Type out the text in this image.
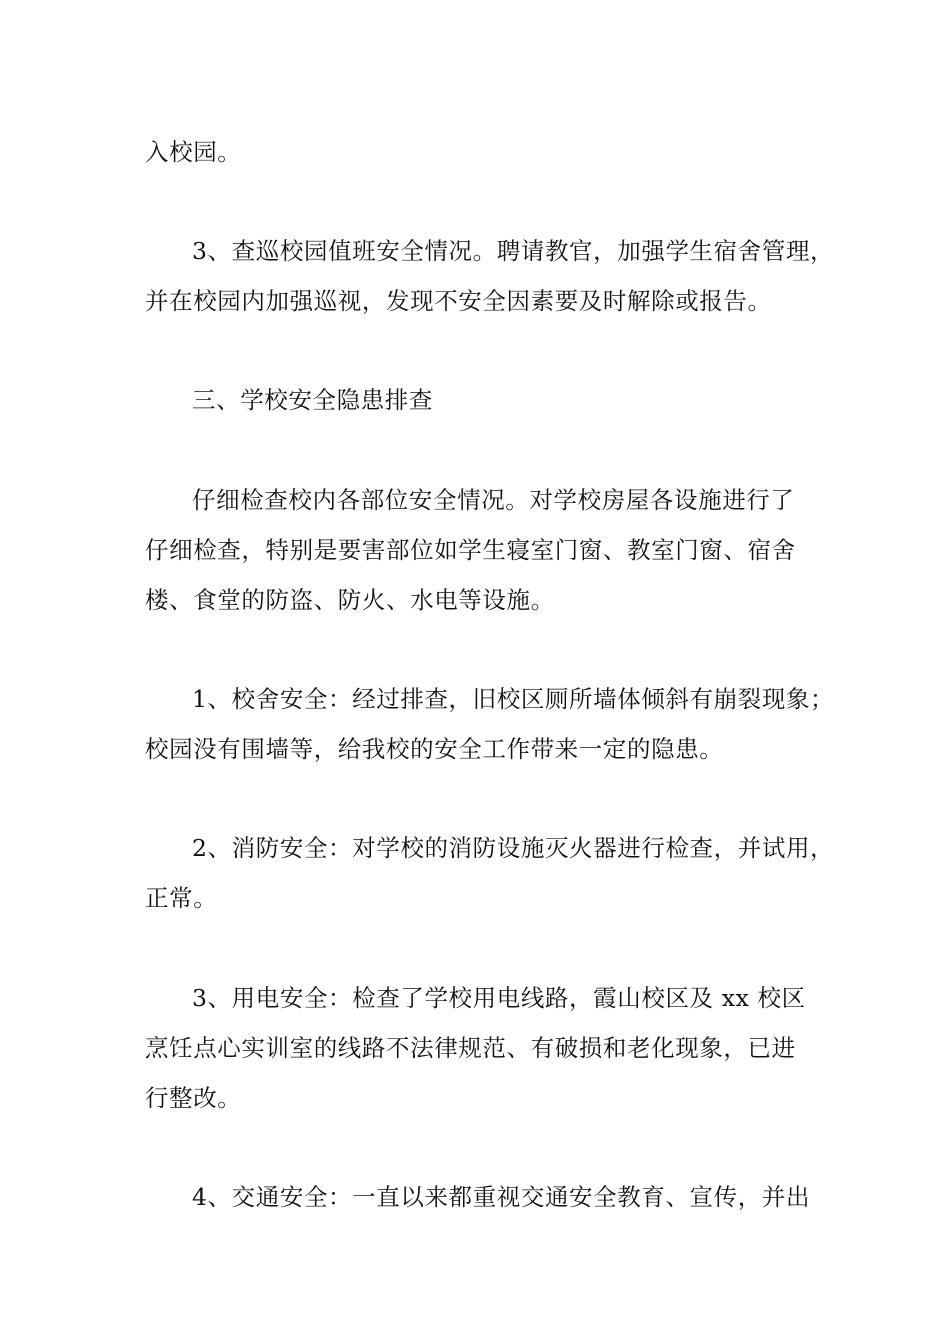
入校园。
3、查巡校园值班安全情况。聘请教官，加强学生宿舍管理，
并在校园内加强巡视，发现不安全因素要及时解除或报告。
三、学校安全隐患排查
仔细检查校内各部位安全情况。对学校房屋各设施进行了
仔细检查，特别是要害部位如学生寝室门窗、教室门窗、宿舍
楼、食堂的防盗、防火、水电等设施。
1、校舍安全：经过排查，旧校区厕所墙体倾斜有崩裂现象；
校园没有围墙等，给我校的安全工作带来一定的隐患。
2、消防安全：对学校的消防设施灭火器进行检查，并试用，
正常。
3、用电安全：检查了学校用电线路，霞山校区及 xx 校区
烹饪点心实训室的线路不法律规范、有破损和老化现象，已进
行整改。
4、交通安全：一直以来都重视交通安全教育、宣传，并出
